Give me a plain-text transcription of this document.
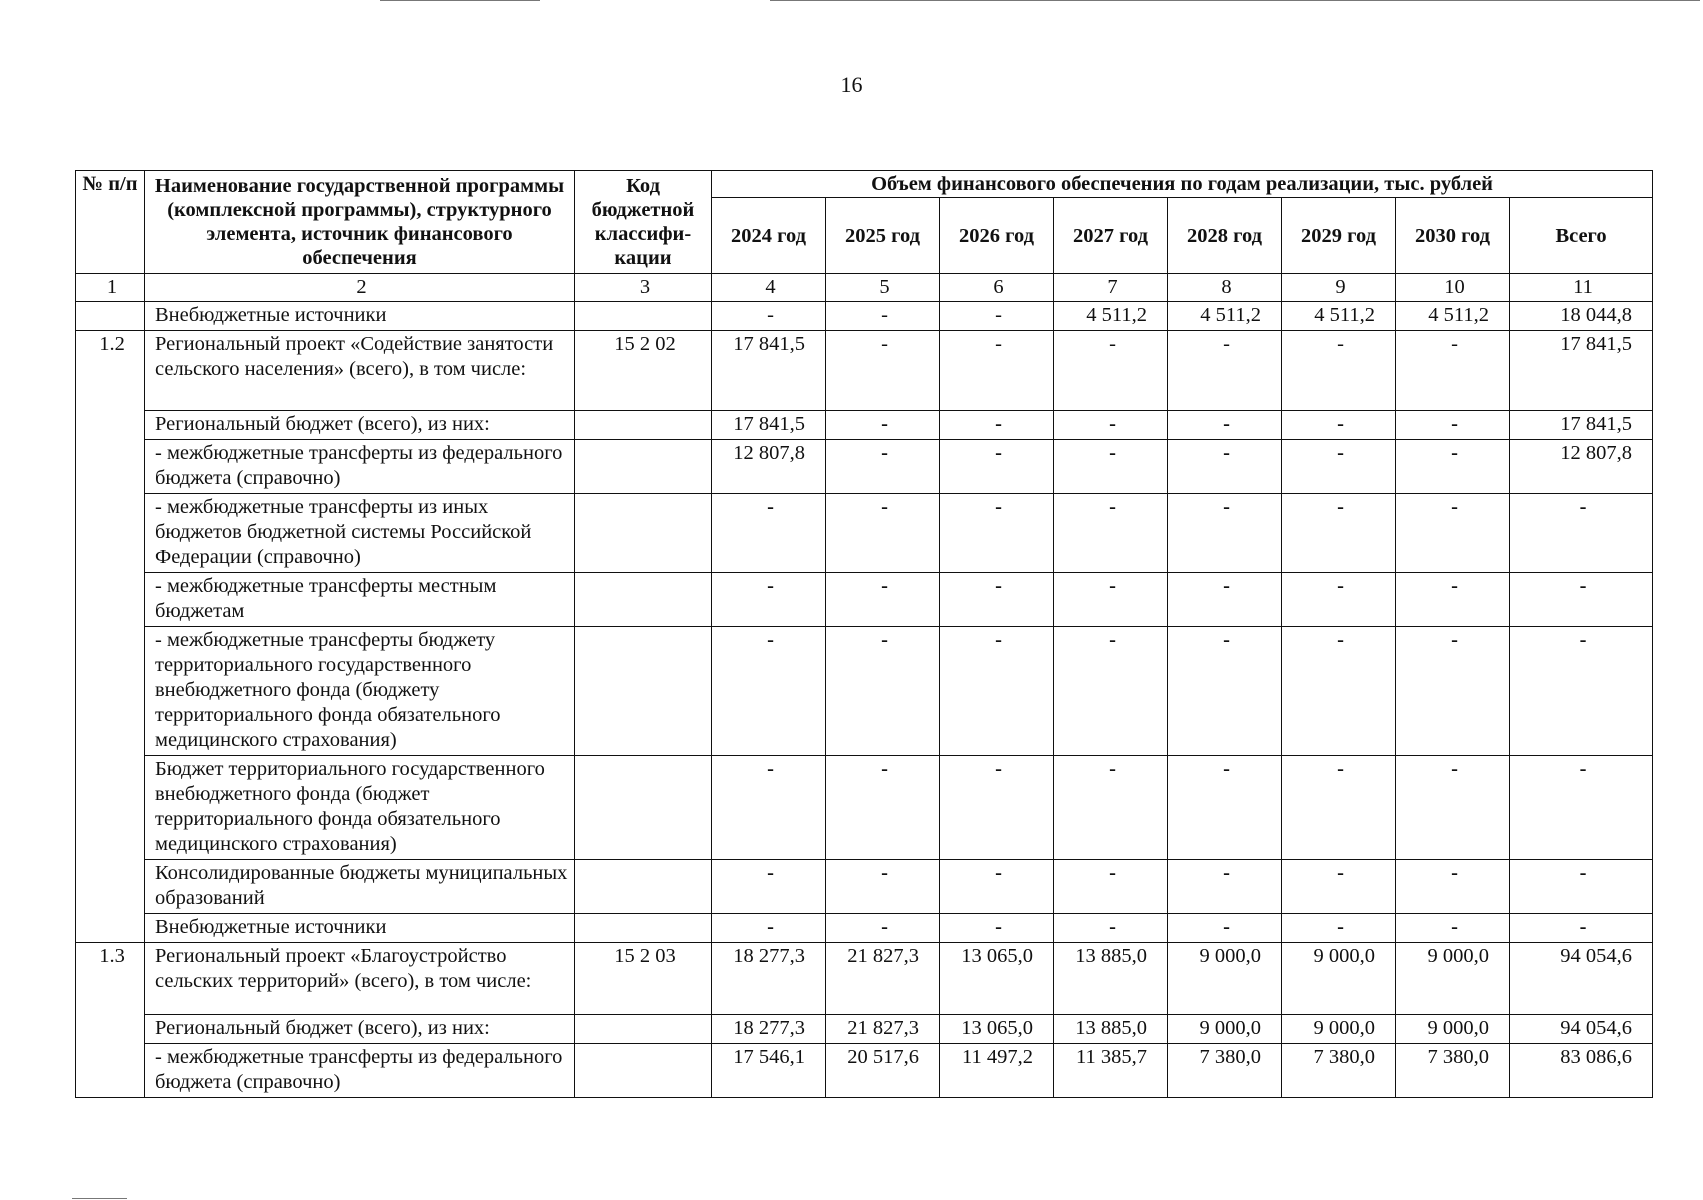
16
№ п/п	Наименование государственной программы (комплексной программы), структурного элемента, источник финансового обеспечения	Код бюджетной классифи-кации	Объем финансового обеспечения по годам реализации, тыс. рублей							
			2024 год	2025 год	2026 год	2027 год	2028 год	2029 год	2030 год	Всего
1	2	3	4	5	6	7	8	9	10	11
	Внебюджетные источники		-	-	-	4 511,2	4 511,2	4 511,2	4 511,2	18 044,8
1.2	Региональный проект «Содействие занятости сельского населения» (всего), в том числе:	15 2 02	17 841,5	-	-	-	-	-	-	17 841,5
	Региональный бюджет (всего), из них:		17 841,5	-	-	-	-	-	-	17 841,5
	- межбюджетные трансферты из федерального бюджета (справочно)		12 807,8	-	-	-	-	-	-	12 807,8
	- межбюджетные трансферты из иных бюджетов бюджетной системы Российской Федерации (справочно)		-	-	-	-	-	-	-	-
	- межбюджетные трансферты местным бюджетам		-	-	-	-	-	-	-	-
	- межбюджетные трансферты бюджету территориального государственного внебюджетного фонда (бюджету территориального фонда обязательного медицинского страхования)		-	-	-	-	-	-	-	-
	Бюджет территориального государственного внебюджетного фонда (бюджет территориального фонда обязательного медицинского страхования)		-	-	-	-	-	-	-	-
	Консолидированные бюджеты муниципальных образований		-	-	-	-	-	-	-	-
	Внебюджетные источники		-	-	-	-	-	-	-	-
1.3	Региональный проект «Благоустройство сельских территорий» (всего), в том числе:	15 2 03	18 277,3	21 827,3	13 065,0	13 885,0	9 000,0	9 000,0	9 000,0	94 054,6
	Региональный бюджет (всего), из них:		18 277,3	21 827,3	13 065,0	13 885,0	9 000,0	9 000,0	9 000,0	94 054,6
	- межбюджетные трансферты из федерального бюджета (справочно)		17 546,1	20 517,6	11 497,2	11 385,7	7 380,0	7 380,0	7 380,0	83 086,6
